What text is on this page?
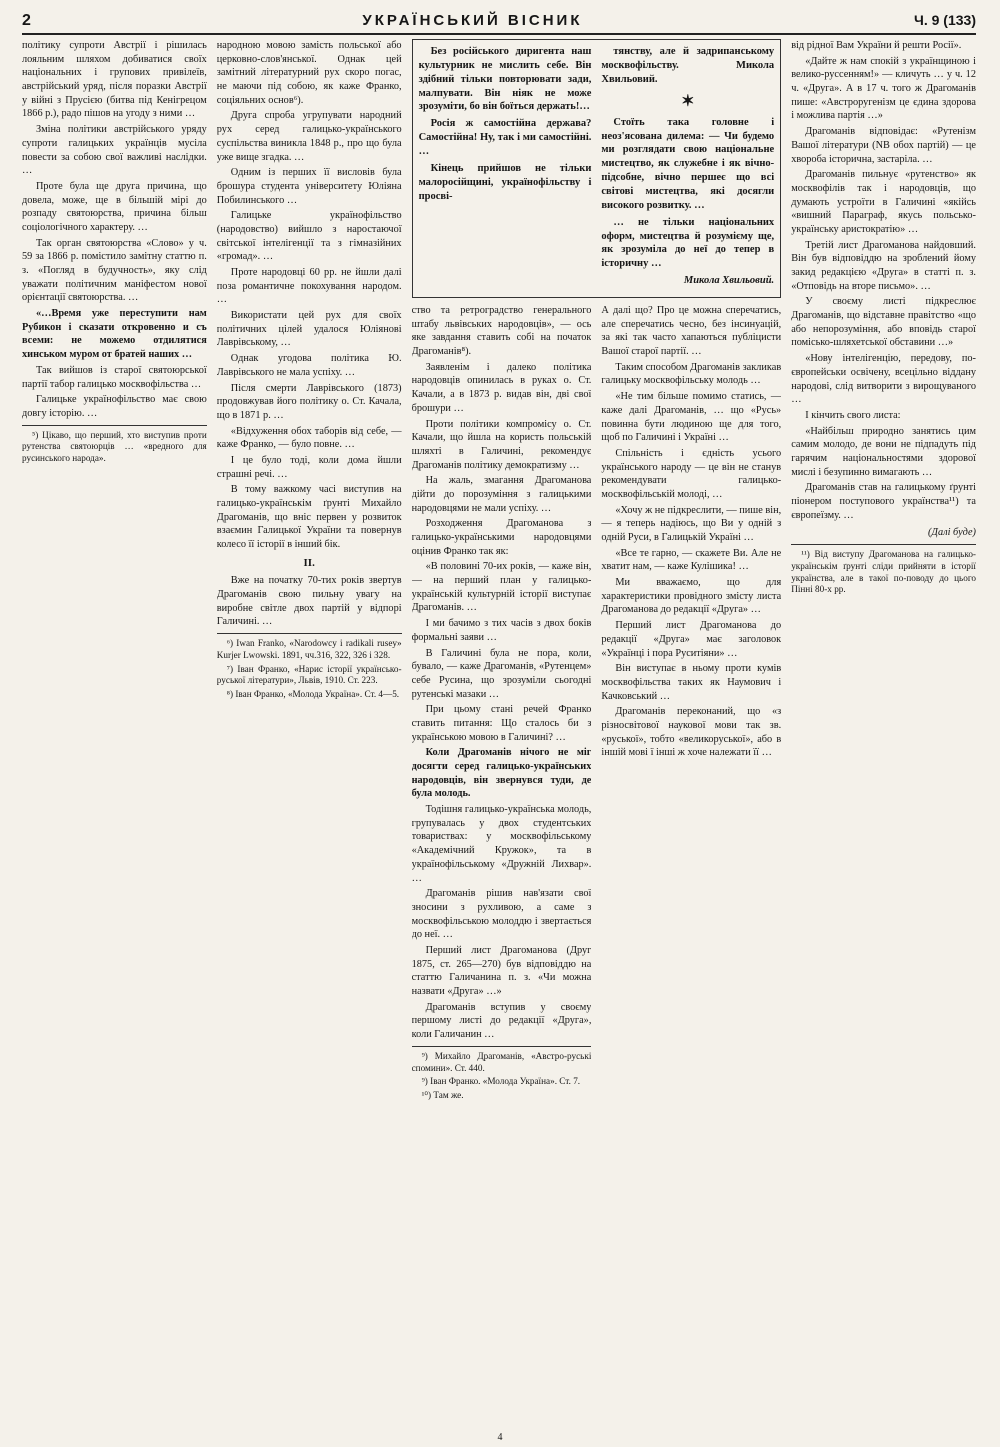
2	УКРАЇНСЬКИЙ ВІСНИК	Ч. 9 (133)

політику супроти Австрії і рішилась лояльним шляхом добиватися своїх національних і групових привілеїв, австрійський уряд, після поразки Австрії у війні з Прусією (битва під Кенігрецом 1866 р.), радо пішов на угоду з ними …

Зміна політики австрійського уряду супроти галицьких українців мусіла повести за собою свої важливі наслідки. …

Проте була ще друга причина, що довела, може, ще в більшій мірі до розпаду святоюрства, причина більш соціологічного характеру. …

Так орган святоюрства «Слово» у ч. 59 за 1866 р. помістило замітну статтю п. з. «Погляд в будучность», яку слід уважати політичним маніфестом нової орієнтації святоюрства. …

«…Время уже переступити нам Рубикон і сказати откровенно и съ всеми: не можемо отдилятися хинськом муром от братей наших …

Так вийшов із старої святоюрської партії табор галицько москвофільства …

Галицьке українофільство має свою довгу історію. …

⁵) Цікаво, що перший, хто виступив проти рутенства святоюрців … «вредного для русинського народа».

народною мовою замість польської або церковно-слов'янської. Однак цей замітний літературний рух скоро погас, не маючи під собою, як каже Франко, соціяльних основ⁶).

Друга спроба угрупувати народний рух серед галицько-українського суспільства виникла 1848 р., про що була уже вище згадка. …

Одним із перших її висловів була брошура студента університету Юліяна Побилинського …

Галицьке українофільство (народовство) вийшло з наростаючої світської інтелігенції та з гімназійних «громад». …

Проте народовці 60 рр. не йшли далі поза романтичне покохування народом. …

Використати цей рух для своїх політичних цілей удалося Юліянові Лаврівському, …

Однак угодова політика Ю. Лаврівського не мала успіху. …

Після смерти Лаврівського (1873) продовжував його політику о. Ст. Качала, що в 1871 р. …

«Відхуження обох таборів від себе, — каже Франко, — було повне. …

І це було тоді, коли дома йшли страшні речі. …

В тому важкому часі виступив на галицько-українськім ґрунті Михайло Драгоманів, що вніс первен у розвиток взаємин Галицької України та повернув колесо її історії в інший бік.

II.

Вже на початку 70-тих років звертув Драгоманів свою пильну увагу на виробне світле двох партій у відпорі Галичині. …

⁶) Iwan Franko, «Narodowcy i radikali rusey» Kurjer Lwowski. 1891, чч.316, 322, 326 і 328.

⁷) Іван Франко, «Нарис історії українсько-руської літератури», Львів, 1910. Ст. 223.

⁸) Іван Франко, «Молода Україна». Ст. 4—5.

Без російського диригента наш культурник не мислить себе. Він здібний тільки повторювати зади, малпувати. Він ніяк не може зрозуміти, бо він боїться держать!…

Росія ж самостійна держава? Самостійна! Ну, так і ми самостійні. …

Кінець прийшов не тільки малоросійщині, українофільству і просві-

тянству, але й задрипанському москвофільству. Микола Хвильовий.

✶

Стоїть така головне і неоз'ясована дилема: — Чи будемо ми розглядати свою національне мистецтво, як служебне і як вічно-підсобне, вічно першеє що всі світові мистецтва, які досягли високого розвитку. …

… не тільки національних оформ, мистецтва й розумієму ще, як зрозуміла до неї до тепер в історичну …

Микола Хвильовий.

ство та ретроградство генерального штабу львівських народовців», — ось яке завдання ставить собі на початок Драгоманів⁸).

Заявленім і далеко політика народовців опинилась в руках о. Ст. Качали, а в 1873 р. видав він, дві свої брошури …

Проти політики компромісу о. Ст. Качали, що йшла на користь польській шляхті в Галичині, рекомендує Драгоманів політику демократизму …

На жаль, змагання Драгоманова дійти до порозуміння з галицькими народовцями не мали успіху. …

Розходження Драгоманова з галицько-українськими народовцями оцінив Франко так як:

«В половині 70-их років, — каже він, — на перший план у галицько-українській культурній історії виступає Драгоманів. …

І ми бачимо з тих часів з двох боків формальні заяви …

В Галичині була не пора, коли, бувало, — каже Драгоманів, «Рутенцем» себе Русина, що зрозуміли сьогодні рутенські мазаки …

При цьому стані речей Франко ставить питання: Що сталось би з українською мовою в Галичині? …

Коли Драгоманів нічого не міг досягти серед галицько-українських народовців, він звернувся туди, де була молодь.

Тодішня галицько-українська молодь, групувалась у двох студентських товариствах: у москвофільському «Академічний Кружок», та в українофільському «Дружній Лихвар». …

Драгоманів рішив нав'язати свої зносини з рухливою, а саме з москвофільською молоддю і звертається до неї. …

Перший лист Драгоманова (Друг 1875, ст. 265—270) був відповіддю на статтю Галичанина п. з. «Чи можна назвати «Друга» …»

Драгоманів вступив у своєму першому листі до редакції «Друга», коли Галичанин …

⁹) Михайло Драгоманів, «Австро-руські спомини». Ст. 440.

⁹) Іван Франко. «Молода Україна». Ст. 7.

¹⁰) Там же.

А далі що? Про це можна сперечатись, але сперечатись чесно, без інсинуацій, за які так часто хапаються публіцисти Вашої старої партії. …

Таким способом Драгоманів закликав галицьку москвофільську молодь …

«Не тим більше помимо статись, — каже далі Драгоманів, … що «Русь» повинна бути людиною ще для того, щоб по Галичині і Україні …

Спільність і єдність усього українського народу — це він не станув рекомендувати галицько-москвофільській молоді, …

«Хочу ж не підкреслити, — пише він, — я теперь надіюсь, що Ви у одній з одній Руси, в Галицькій Україні …

«Все те гарно, — скажете Ви. Але не хватит нам, — каже Кулішика! …

Ми вважаємо, що для характеристики провідного змісту листа Драгоманова до редакції «Друга» …

Перший лист Драгоманова до редакції «Друга» має заголовок «Українці і пора Руситіяни» …

Він виступає в ньому проти кумів москвофільства таких як Наумович і Качковський …

Драгоманів переконаний, що «з різносвітової наукової мови так зв. «руської», тобто «великоруської», або в іншій мові ї інші ж хоче належати її …

від рідної Вам України й решти Росії».

«Дайте ж нам спокій з українщиною і велико-руссенням!» — кличуть … у ч. 12 ч. «Друга». А в 17 ч. того ж Драгоманів пише: «Австроругенізм це єдина здорова і можлива партія …»

Драгоманів відповідає: «Рутенізм Вашої літератури (NB обох партій) — це хвороба історична, застаріла. …

Драгоманів пильнує «рутенство» як москвофілів так і народовців, що думають устроїти в Галичині «якійсь «вишний Параграф, якусь польсько-українську аристократію» …

Третій лист Драгоманова найдовший. Він був відповіддю на зроблений йому закид редакцією «Друга» в статті п. з. «Отповідь на вторе письмо». …

У своєму листі підкреслює Драгоманів, що відставне правітство «що або непорозуміння, або вповідь старої помісько-шляхетської обставини …»

«Нову інтелігенцію, передову, по-європейськи освічену, всецільно віддану народові, слід витворити з вирощуваного …

І кінчить свого листа:

«Найбільш природно занятись цим самим молодо, де вони не підпадуть під гарячим національностями здорової мислі і безупинно вимагають …

Драгоманів став на галицькому ґрунті піонером поступового українства¹¹) та європеїзму. …

(Далі буде)

¹¹) Від виступу Драгоманова на галицько-українськім ґрунті сліди прийняти в історії українства, але в такої по-поводу до цього Пінні 80-х рр.

4
